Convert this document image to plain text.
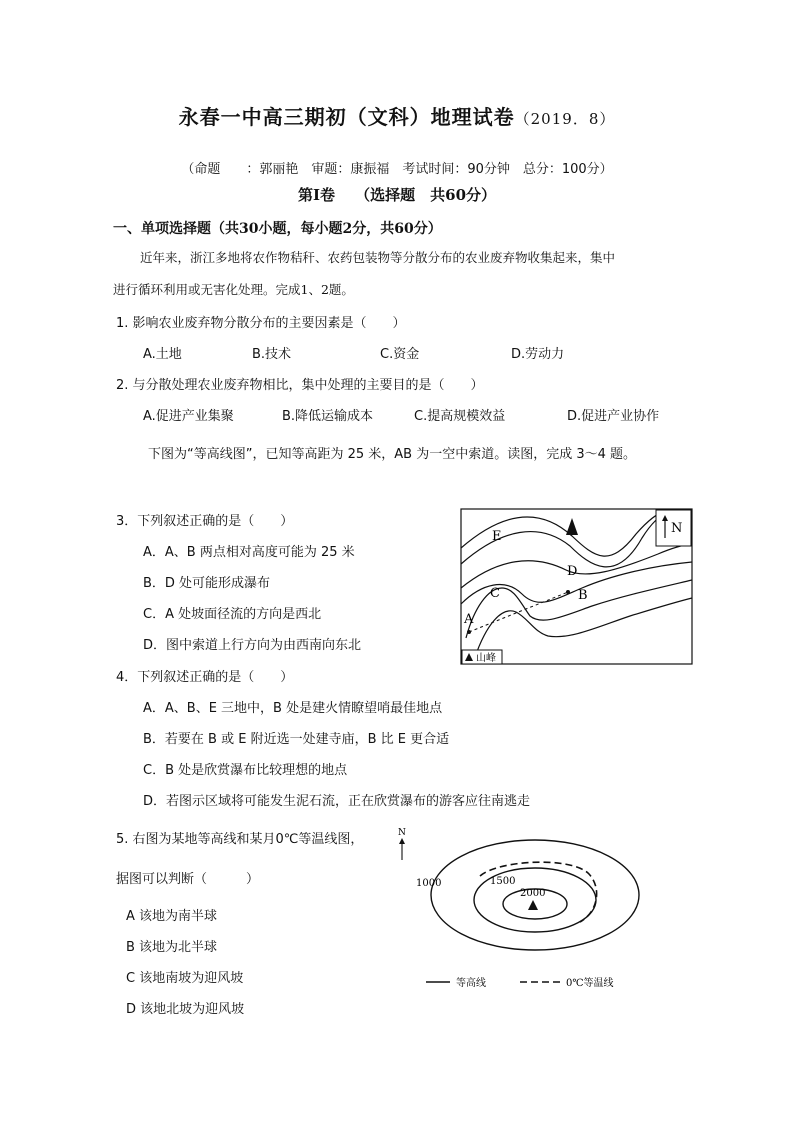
永春一中高三期初（文科）地理试卷（2019．8）
（命题　　：郭丽艳　审题：康振福　考试时间：90分钟　总分：100分）
第Ⅰ卷　 （选择题　共60分）
一、单项选择题（共30小题，每小题2分，共60分）
近年来，浙江多地将农作物秸秆、农药包装物等分散分布的农业废弃物收集起来，集中
进行循环利用或无害化处理。完成1、2题。
1. 影响农业废弃物分散分布的主要因素是（　　）
A.土地	B.技术	C.资金	D.劳动力
2. 与分散处理农业废弃物相比，集中处理的主要目的是（　　）
A.促进产业集聚	B.降低运输成本	C.提高规模效益	D.促进产业协作
下图为“等高线图”，已知等高距为 25 米，AB 为一空中索道。读图，完成 3～4 题。
3．下列叙述正确的是（　　）
A．A、B 两点相对高度可能为 25 米
B．D 处可能形成瀑布
C．A 处坡面径流的方向是西北
D．图中索道上行方向为由西南向东北
4．下列叙述正确的是（　　）
A．A、B、E 三地中，B 处是建火情瞭望哨最佳地点
B．若要在 B 或 E 附近选一处建寺庙，B 比 E 更合适
C．B 处是欣赏瀑布比较理想的地点
D．若图示区域将可能发生泥石流，正在欣赏瀑布的游客应往南逃走
5. 右图为某地等高线和某月0℃等温线图，
据图可以判断（　　　）
A 该地为南半球
B 该地为北半球
C 该地南坡为迎风坡
D 该地北坡为迎风坡
E
D
C	B
A
N
山峰
N
1000	1500
2000
等高线	0℃等温线
